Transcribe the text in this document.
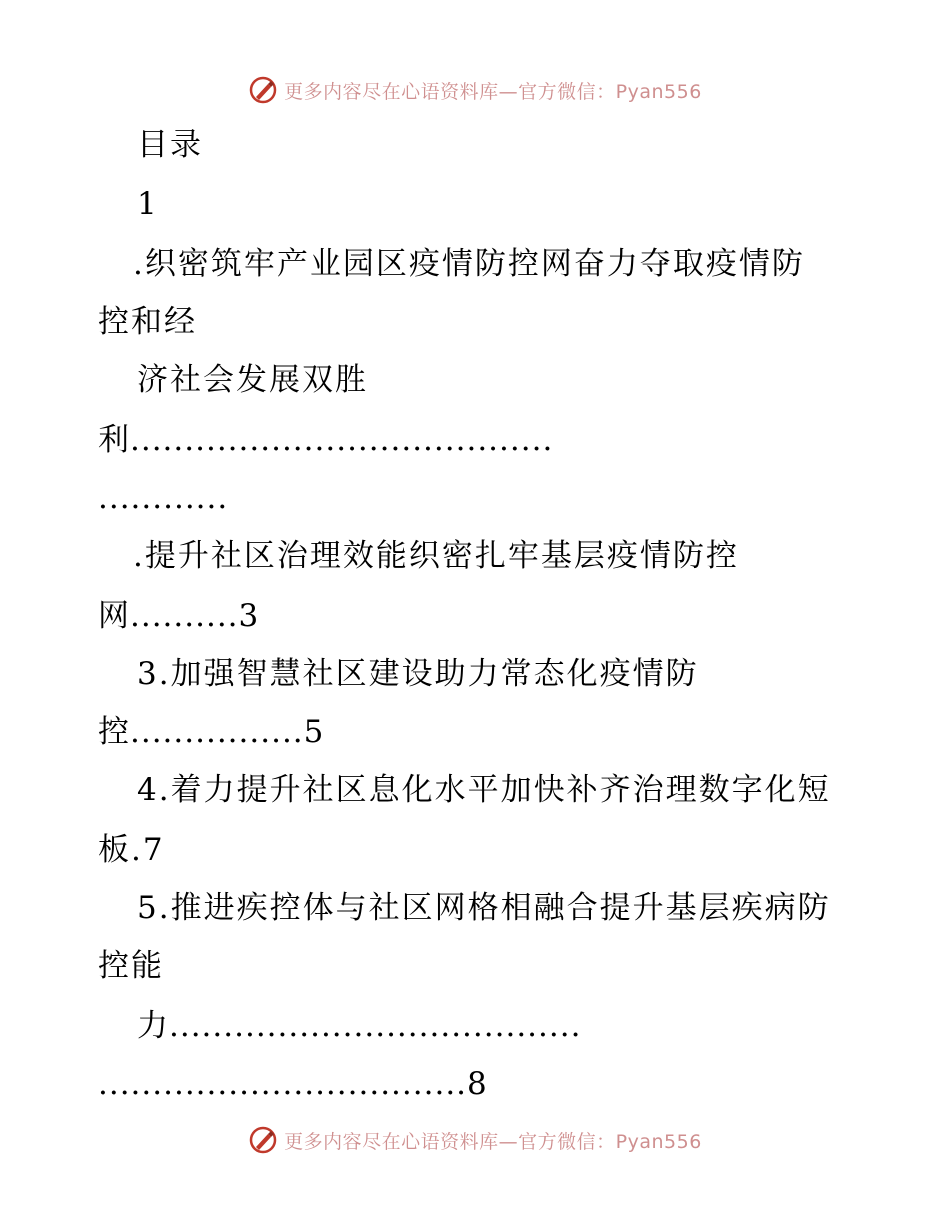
更多内容尽在心语资料库—官方微信：Pyan556
目录
1
.织密筑牢产业园区疫情防控网奋力夺取疫情防
控和经
济社会发展双胜
利.......................................
............
.提升社区治理效能织密扎牢基层疫情防控
网..........3
3.加强智慧社区建设助力常态化疫情防
控................5
4.着力提升社区息化水平加快补齐治理数字化短
板.7
5.推进疾控体与社区网格相融合提升基层疾病防
控能
力......................................
..................................8
更多内容尽在心语资料库—官方微信：Pyan556
